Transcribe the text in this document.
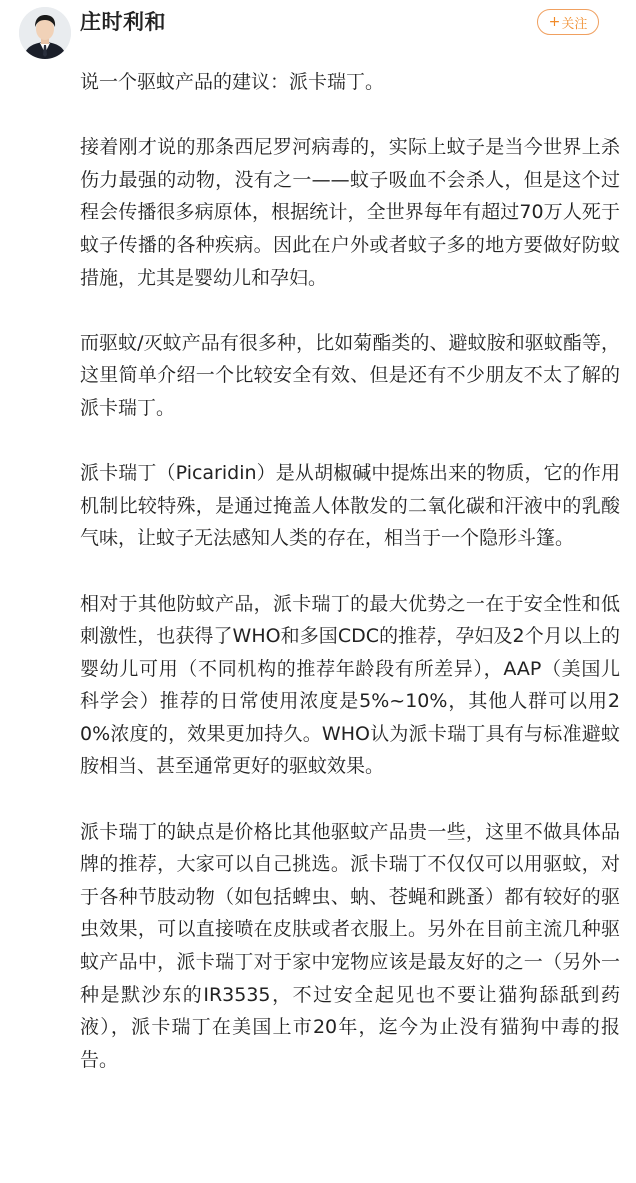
庄时利和	+ 关注

说一个驱蚊产品的建议：派卡瑞丁。

接着刚才说的那条西尼罗河病毒的，实际上蚊子是当今世界上杀伤力最强的动物，没有之一——蚊子吸血不会杀人，但是这个过程会传播很多病原体，根据统计，全世界每年有超过70万人死于蚊子传播的各种疾病。因此在户外或者蚊子多的地方要做好防蚊措施，尤其是婴幼儿和孕妇。

而驱蚊/灭蚊产品有很多种，比如菊酯类的、避蚊胺和驱蚊酯等，这里简单介绍一个比较安全有效、但是还有不少朋友不太了解的派卡瑞丁。

派卡瑞丁（Picaridin）是从胡椒碱中提炼出来的物质，它的作用机制比较特殊，是通过掩盖人体散发的二氧化碳和汗液中的乳酸气味，让蚊子无法感知人类的存在，相当于一个隐形斗篷。

相对于其他防蚊产品，派卡瑞丁的最大优势之一在于安全性和低刺激性，也获得了WHO和多国CDC的推荐，孕妇及2个月以上的婴幼儿可用（不同机构的推荐年龄段有所差异），AAP（美国儿科学会）推荐的日常使用浓度是5%~10%，其他人群可以用20%浓度的，效果更加持久。WHO认为派卡瑞丁具有与标准避蚊胺相当、甚至通常更好的驱蚊效果。

派卡瑞丁的缺点是价格比其他驱蚊产品贵一些，这里不做具体品牌的推荐，大家可以自己挑选。派卡瑞丁不仅仅可以用驱蚊，对于各种节肢动物（如包括蜱虫、蚋、苍蝇和跳蚤）都有较好的驱虫效果，可以直接喷在皮肤或者衣服上。另外在目前主流几种驱蚊产品中，派卡瑞丁对于家中宠物应该是最友好的之一（另外一种是默沙东的IR3535，不过安全起见也不要让猫狗舔舐到药液），派卡瑞丁在美国上市20年，迄今为止没有猫狗中毒的报告。
